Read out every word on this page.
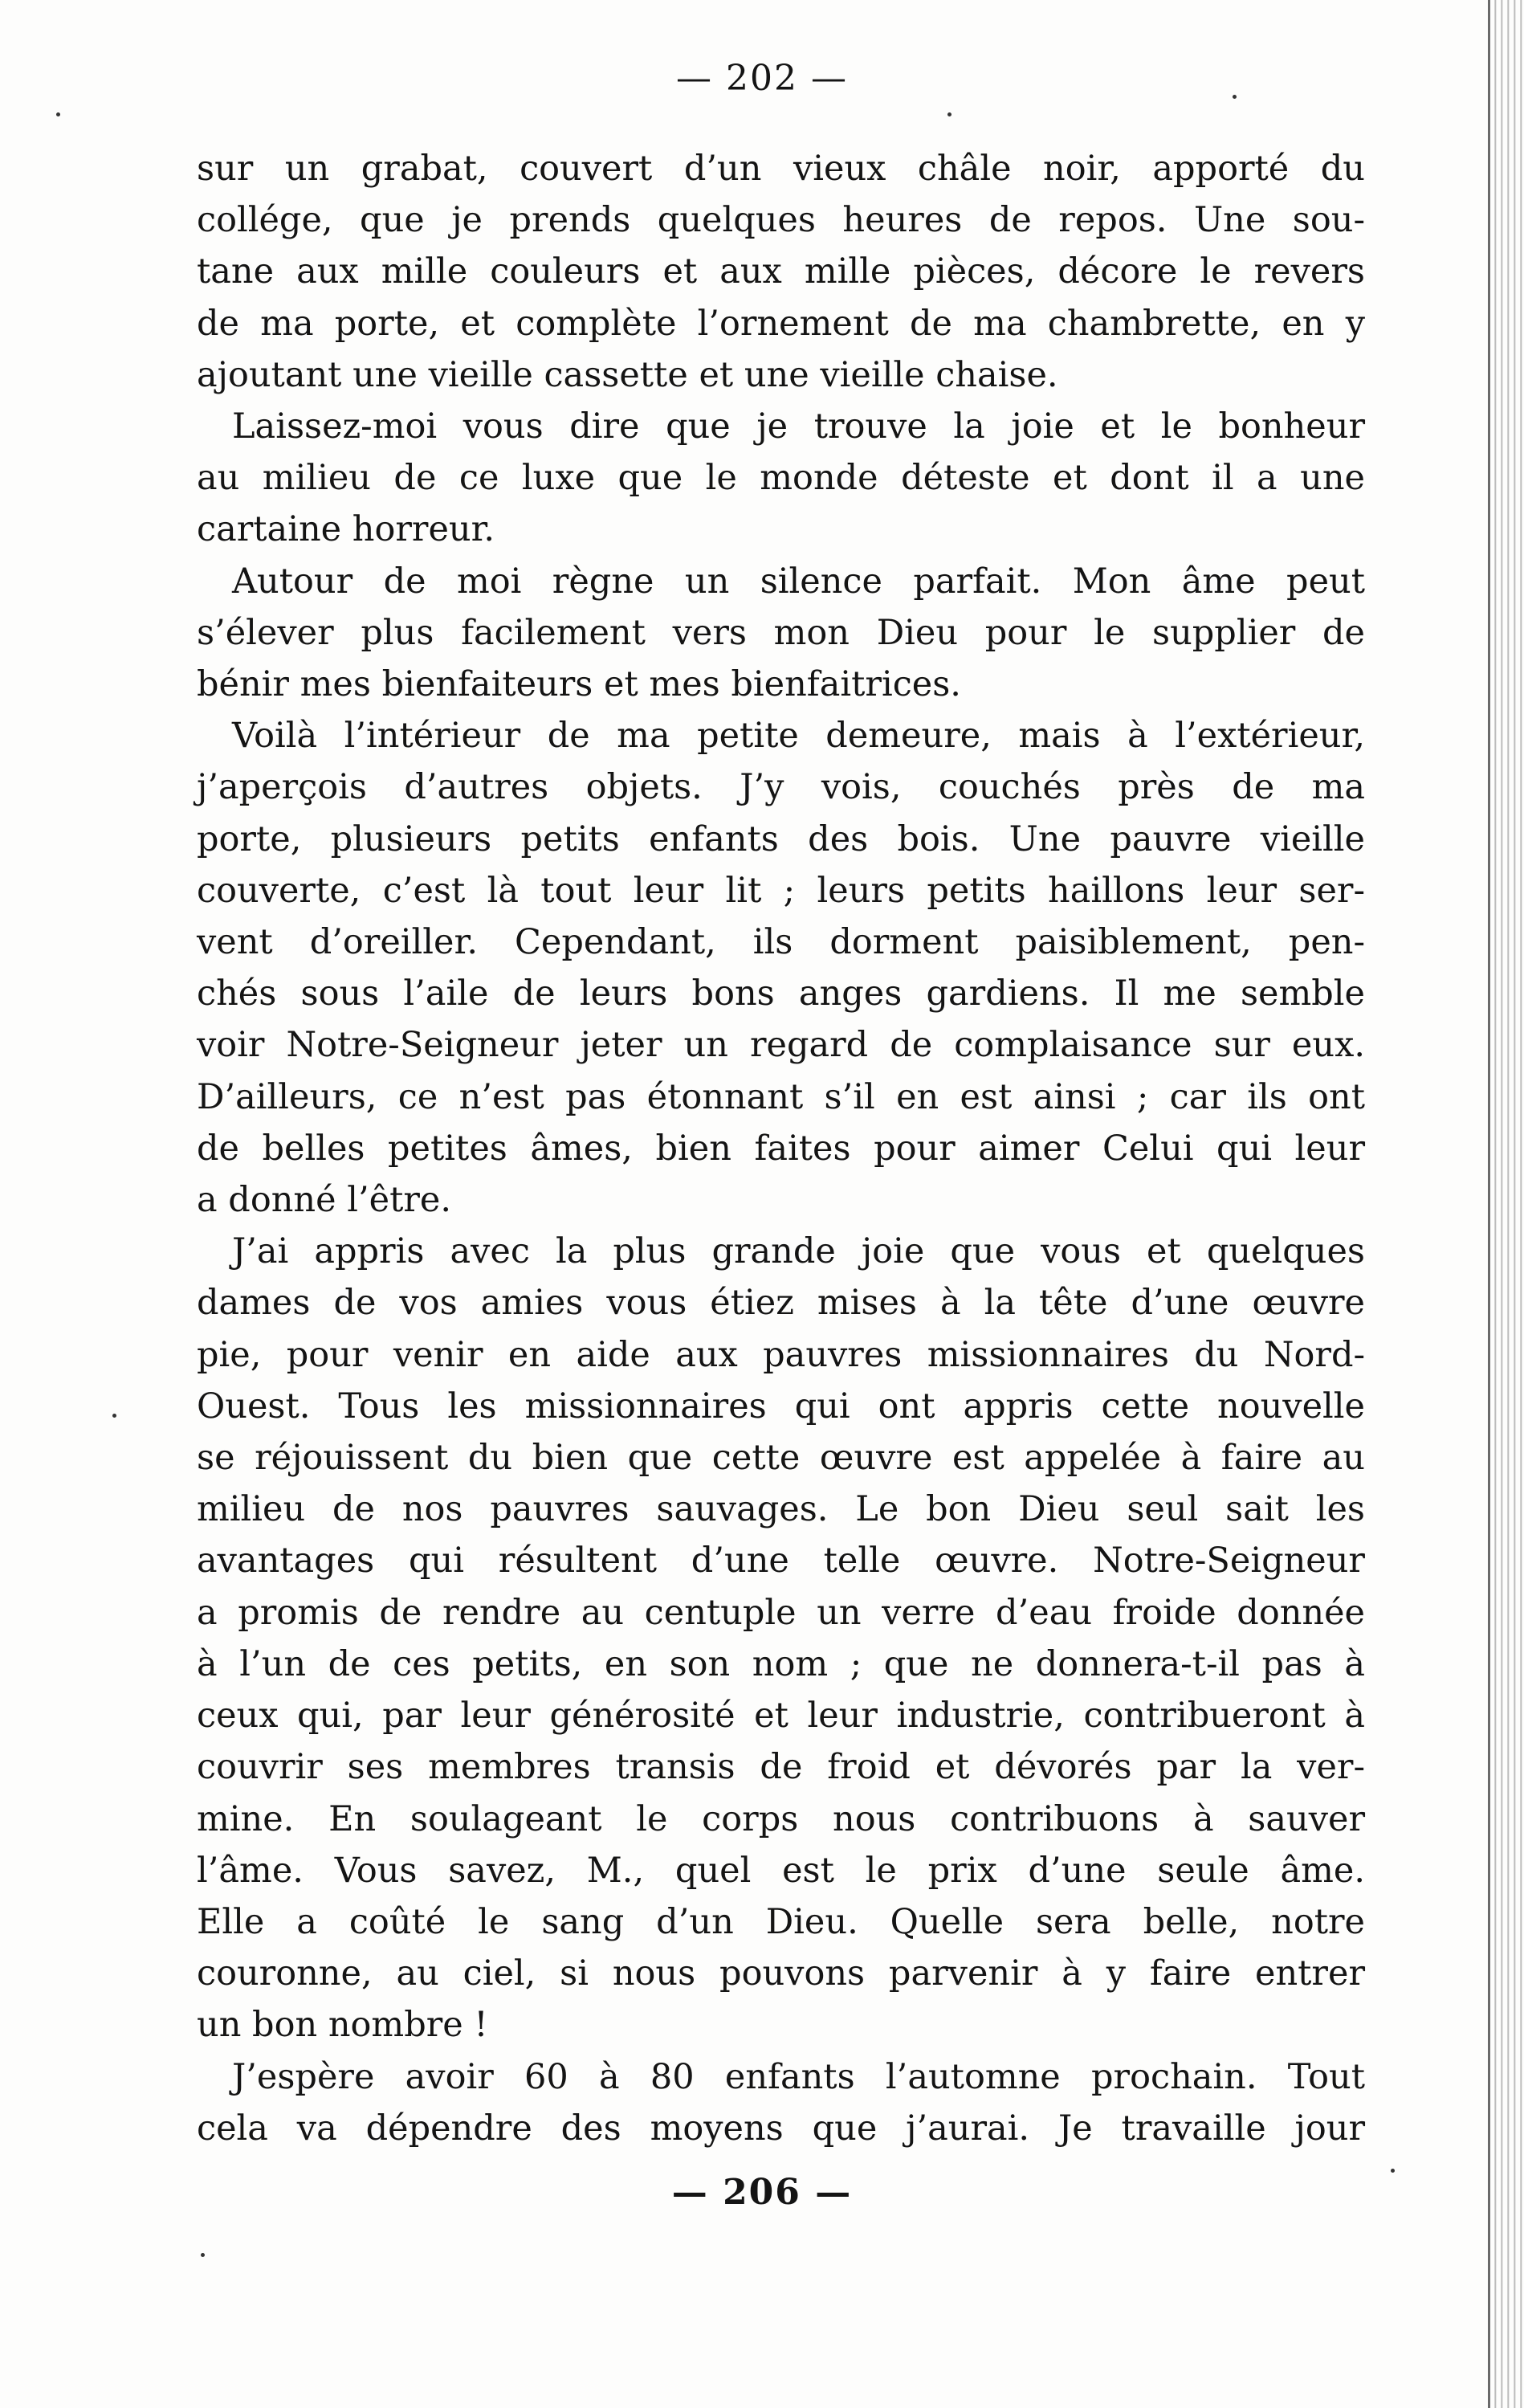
— 202 —
sur un grabat, couvert d’un vieux châle noir, apporté du
collége, que je prends quelques heures de repos. Une sou-
tane aux mille couleurs et aux mille pièces, décore le revers
de ma porte, et complète l’ornement de ma chambrette, en y
ajoutant une vieille cassette et une vieille chaise.
Laissez-moi vous dire que je trouve la joie et le bonheur
au milieu de ce luxe que le monde déteste et dont il a une
cartaine horreur.
Autour de moi règne un silence parfait. Mon âme peut
s’élever plus facilement vers mon Dieu pour le supplier de
bénir mes bienfaiteurs et mes bienfaitrices.
Voilà l’intérieur de ma petite demeure, mais à l’extérieur,
j’aperçois d’autres objets. J’y vois, couchés près de ma
porte, plusieurs petits enfants des bois. Une pauvre vieille
couverte, c’est là tout leur lit ; leurs petits haillons leur ser-
vent d’oreiller. Cependant, ils dorment paisiblement, pen-
chés sous l’aile de leurs bons anges gardiens. Il me semble
voir Notre-Seigneur jeter un regard de complaisance sur eux.
D’ailleurs, ce n’est pas étonnant s’il en est ainsi ; car ils ont
de belles petites âmes, bien faites pour aimer Celui qui leur
a donné l’être.
J’ai appris avec la plus grande joie que vous et quelques
dames de vos amies vous étiez mises à la tête d’une œuvre
pie, pour venir en aide aux pauvres missionnaires du Nord-
Ouest. Tous les missionnaires qui ont appris cette nouvelle
se réjouissent du bien que cette œuvre est appelée à faire au
milieu de nos pauvres sauvages. Le bon Dieu seul sait les
avantages qui résultent d’une telle œuvre. Notre-Seigneur
a promis de rendre au centuple un verre d’eau froide donnée
à l’un de ces petits, en son nom ; que ne donnera-t-il pas à
ceux qui, par leur générosité et leur industrie, contribueront à
couvrir ses membres transis de froid et dévorés par la ver-
mine. En soulageant le corps nous contribuons à sauver
l’âme. Vous savez, M., quel est le prix d’une seule âme.
Elle a coûté le sang d’un Dieu. Quelle sera belle, notre
couronne, au ciel, si nous pouvons parvenir à y faire entrer
un bon nombre !
J’espère avoir 60 à 80 enfants l’automne prochain. Tout
cela va dépendre des moyens que j’aurai. Je travaille jour
— 206 —
